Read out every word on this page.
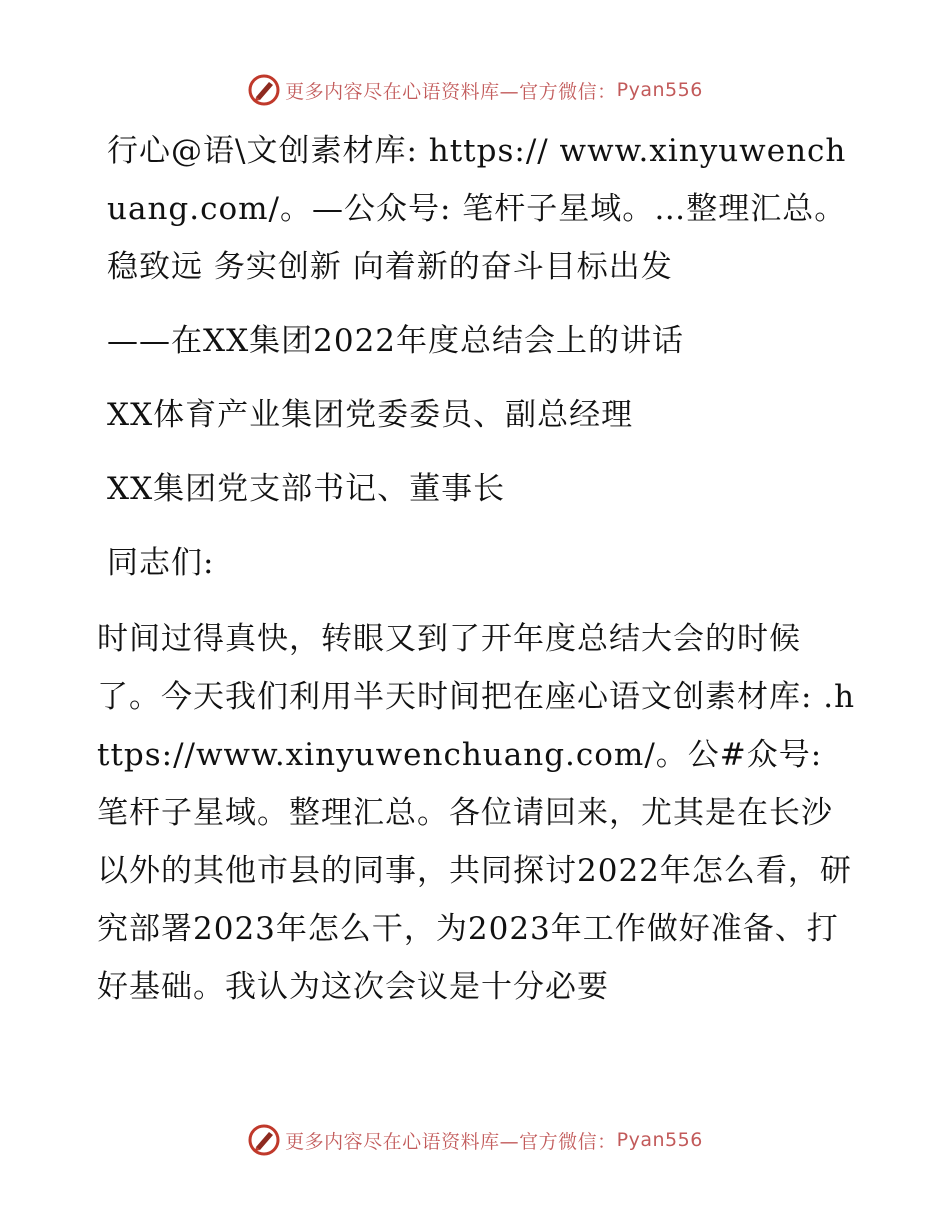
更多内容尽在心语资料库—官方微信： Pyan556

行心@语\文创素材库: https:// www.xinyuwenchuang.com/。—公众号: 笔杆子星域。…整理汇总。稳致远 务实创新 向着新的奋斗目标出发

——在XX集团2022年度总结会上的讲话

XX体育产业集团党委委员、副总经理

XX集团党支部书记、董事长

同志们:

时间过得真快，转眼又到了开年度总结大会的时候了。今天我们利用半天时间把在座心语文创素材库: .https://www.xinyuwenchuang.com/。公#众号: 笔杆子星域。整理汇总。各位请回来，尤其是在长沙以外的其他市县的同事，共同探讨2022年怎么看，研究部署2023年怎么干，为2023年工作做好准备、打好基础。我认为这次会议是十分必要

更多内容尽在心语资料库—官方微信： Pyan556
